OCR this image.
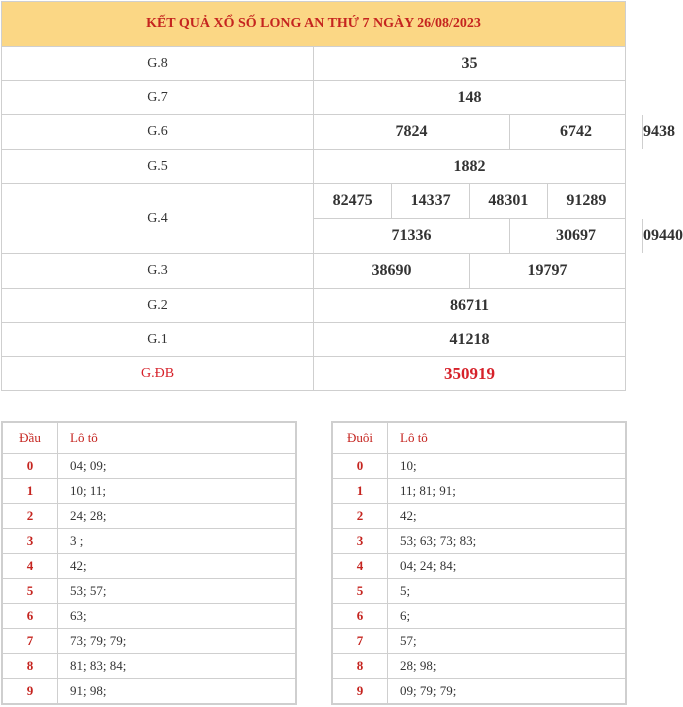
KẾT QUẢ XỔ SỐ LONG AN THỨ 7 NGÀY 26/08/2023
G.8	35
G.7	148
G.6		7824	6742	9438

G.5	1882
G.4	
82475	14337	48301	91289

71336	30697	09440

G.3		38690	19797

G.2	86711
G.1	41218
G.ĐB	350919
Đầu	Lô tô
0	04; 09;
1	10; 11;
2	24; 28;
3	3 ;
4	42;
5	53; 57;
6	63;
7	73; 79; 79;
8	81; 83; 84;
9	91; 98;
Đuôi	Lô tô
0	10;
1	11; 81; 91;
2	42;
3	53; 63; 73; 83;
4	04; 24; 84;
5	5;
6	6;
7	57;
8	28; 98;
9	09; 79; 79;
